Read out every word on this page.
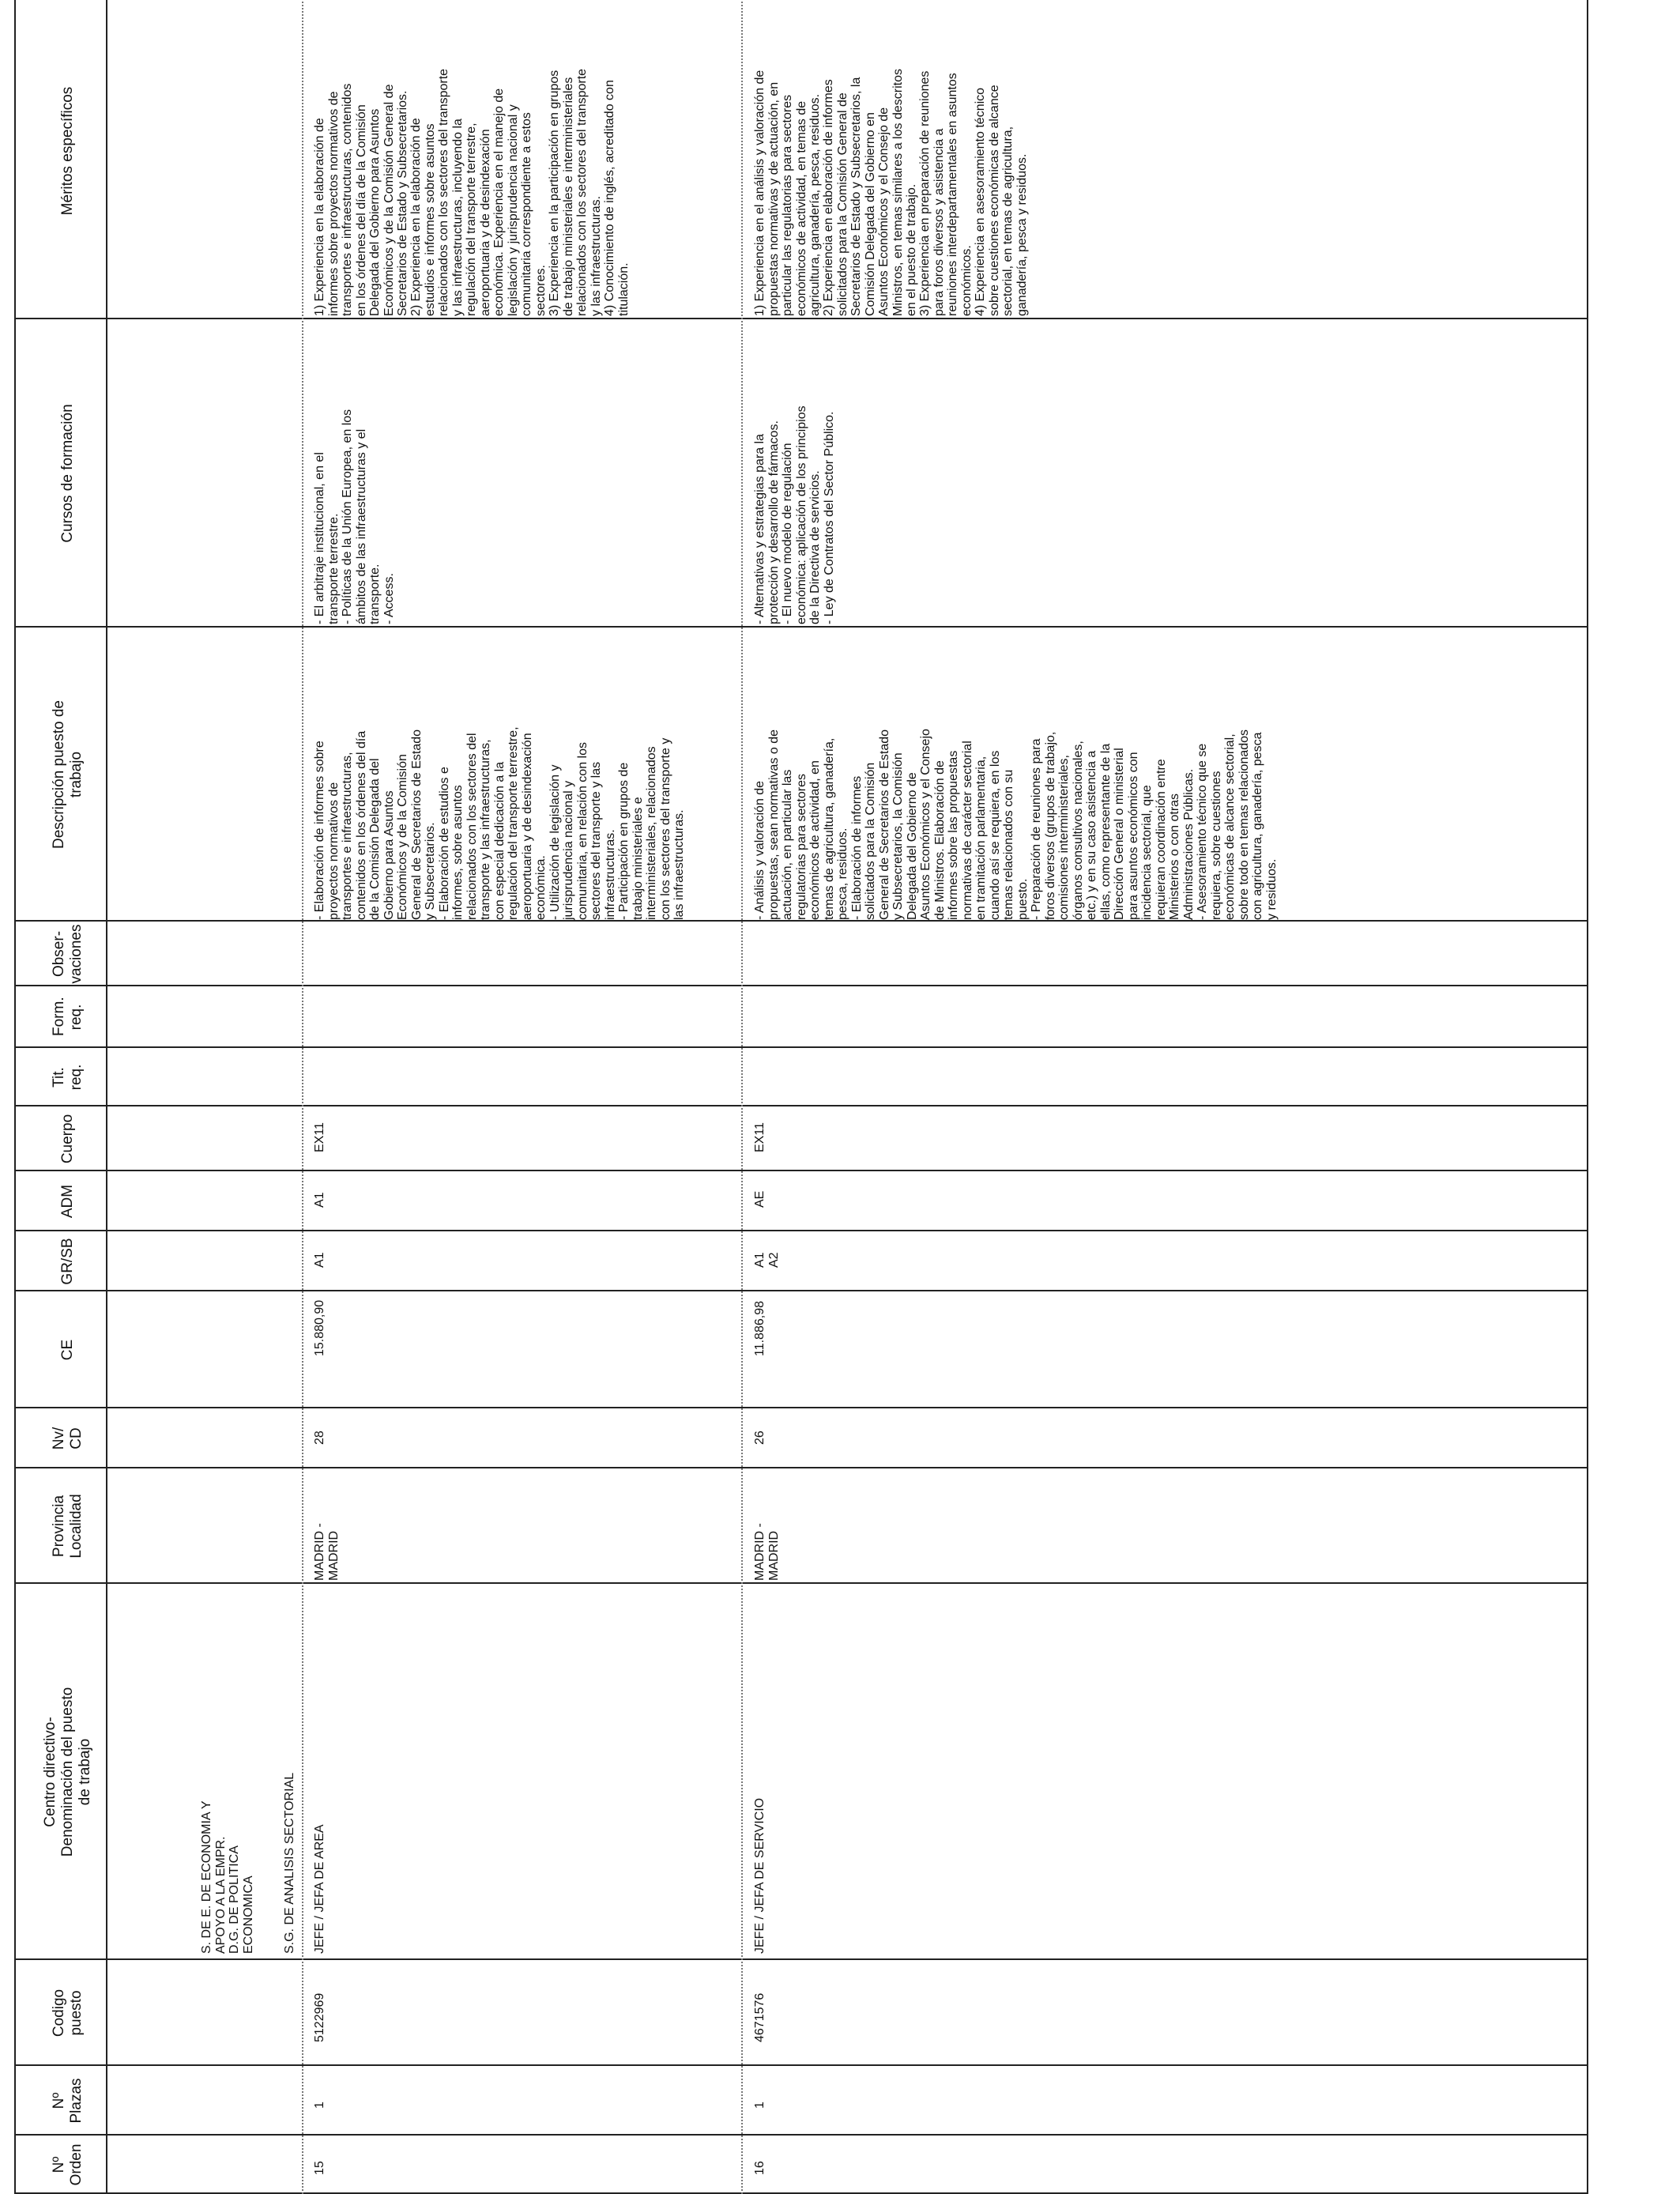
Nº Orden
Nº Plazas
Codigo puesto
Centro directivo- Denominación del puesto de trabajo
Provincia Localidad
Nv/ CD
CE
GR/SB
ADM
Cuerpo
Tit. req.
Form. req.
Obser- vaciones
Descripción puesto de trabajo
Cursos de formación
Méritos específicos
S. DE E. DE ECONOMIA Y
APOYO A LA EMPR.
D.G. DE POLITICA
ECONOMICA S.G. DE ANALISIS SECTORIAL
15
1
5122969
JEFE / JEFA DE AREA
MADRID -
MADRID
28
15.880,90
A1
A1
EX11
- Elaboración de informes sobre
proyectos normativos de
transportes e infraestructuras,
contenidos en los órdenes del día
de la Comisión Delegada del
Gobierno para Asuntos
Económicos y de la Comisión
General de Secretarios de Estado
y Subsecretarios.
- Elaboración de estudios e
informes, sobre asuntos
relacionados con los sectores del
transporte y las infraestructuras,
con especial dedicación a la
regulación del transporte terrestre,
aeroportuaria y de desindexación
económica.
- Utilización de legislación y
jurisprudencia nacional y
comunitaria, en relación con los
sectores del transporte y las
infraestructuras.
- Participación en grupos de
trabajo ministeriales e
interministeriales, relacionados
con los sectores del transporte y
las infraestructuras.
- El arbitraje institucional, en el
transporte terrestre.
- Políticas de la Unión Europea, en los
ámbitos de las infraestructuras y el
transporte.
- Access.
1) Experiencia en la elaboración de
informes sobre proyectos normativos de
transportes e infraestructuras, contenidos
en los órdenes del día de la Comisión
Delegada del Gobierno para Asuntos
Económicos y de la Comisión General de
Secretarios de Estado y Subsecretarios.
2) Experiencia en la elaboración de
estudios e informes sobre asuntos
relacionados con los sectores del transporte
y las infraestructuras, incluyendo la
regulación del transporte terrestre,
aeroportuaria y de desindexación
económica. Experiencia en el manejo de
legislación y jurisprudencia nacional y
comunitaria correspondiente a estos
sectores. 3) Experiencia en la participación en grupos
de trabajo ministeriales e interministeriales
relacionados con los sectores del transporte
y las infraestructuras.
4) Conocimiento de inglés, acreditado con
titulación.
16
1
4671576
JEFE / JEFA DE SERVICIO
MADRID -
MADRID
26
11.886,98
A1
A2
AE
EX11
- Análisis y valoración de
propuestas, sean normativas o de
actuación, en particular las
regulatorias para sectores
económicos de actividad, en
temas de agricultura, ganadería,
pesca, residuos.
- Elaboración de informes
solicitados para la Comisión
General de Secretarios de Estado
y Subsecretarios, la Comisión
Delegada del Gobierno de
Asuntos Económicos y el Consejo
de Ministros. Elaboración de
informes sobre las propuestas
normativas de carácter sectorial
en tramitación parlamentaria,
cuando así se requiera, en los
temas relacionados con su
puesto.
- Preparación de reuniones para
foros diversos (grupos de trabajo,
comisiones interministeriales,
órganos consultivos nacionales,
etc.) y en su caso asistencia a
ellas, como representante de la
Dirección General o ministerial
para asuntos económicos con
incidencia sectorial, que
requieran coordinación entre
Ministerios o con otras
Administraciones Públicas.
- Asesoramiento técnico que se
requiera, sobre cuestiones
económicas de alcance sectorial,
sobre todo en temas relacionados
con agricultura, ganadería, pesca
y residuos.
- Alternativas y estrategias para la
protección y desarrollo de fármacos.
- El nuevo modelo de regulación
económica: aplicación de los principios
de la Directiva de servicios.
- Ley de Contratos del Sector Público.
1) Experiencia en el análisis y valoración de
propuestas normativas y de actuación, en
particular las regulatorias para sectores
económicos de actividad, en temas de
agricultura, ganadería, pesca, residuos.
2) Experiencia en elaboración de informes
solicitados para la Comisión General de
Secretarios de Estado y Subsecretarios, la
Comisión Delegada del Gobierno en
Asuntos Económicos y el Consejo de
Ministros, en temas similares a los descritos
en el puesto de trabajo.
3) Experiencia en preparación de reuniones
para foros diversos y asistencia a
reuniones interdepartamentales en asuntos
económicos. 4) Experiencia en asesoramiento técnico
sobre cuestiones económicas de alcance
sectorial, en temas de agricultura,
ganadería, pesca y residuos.
